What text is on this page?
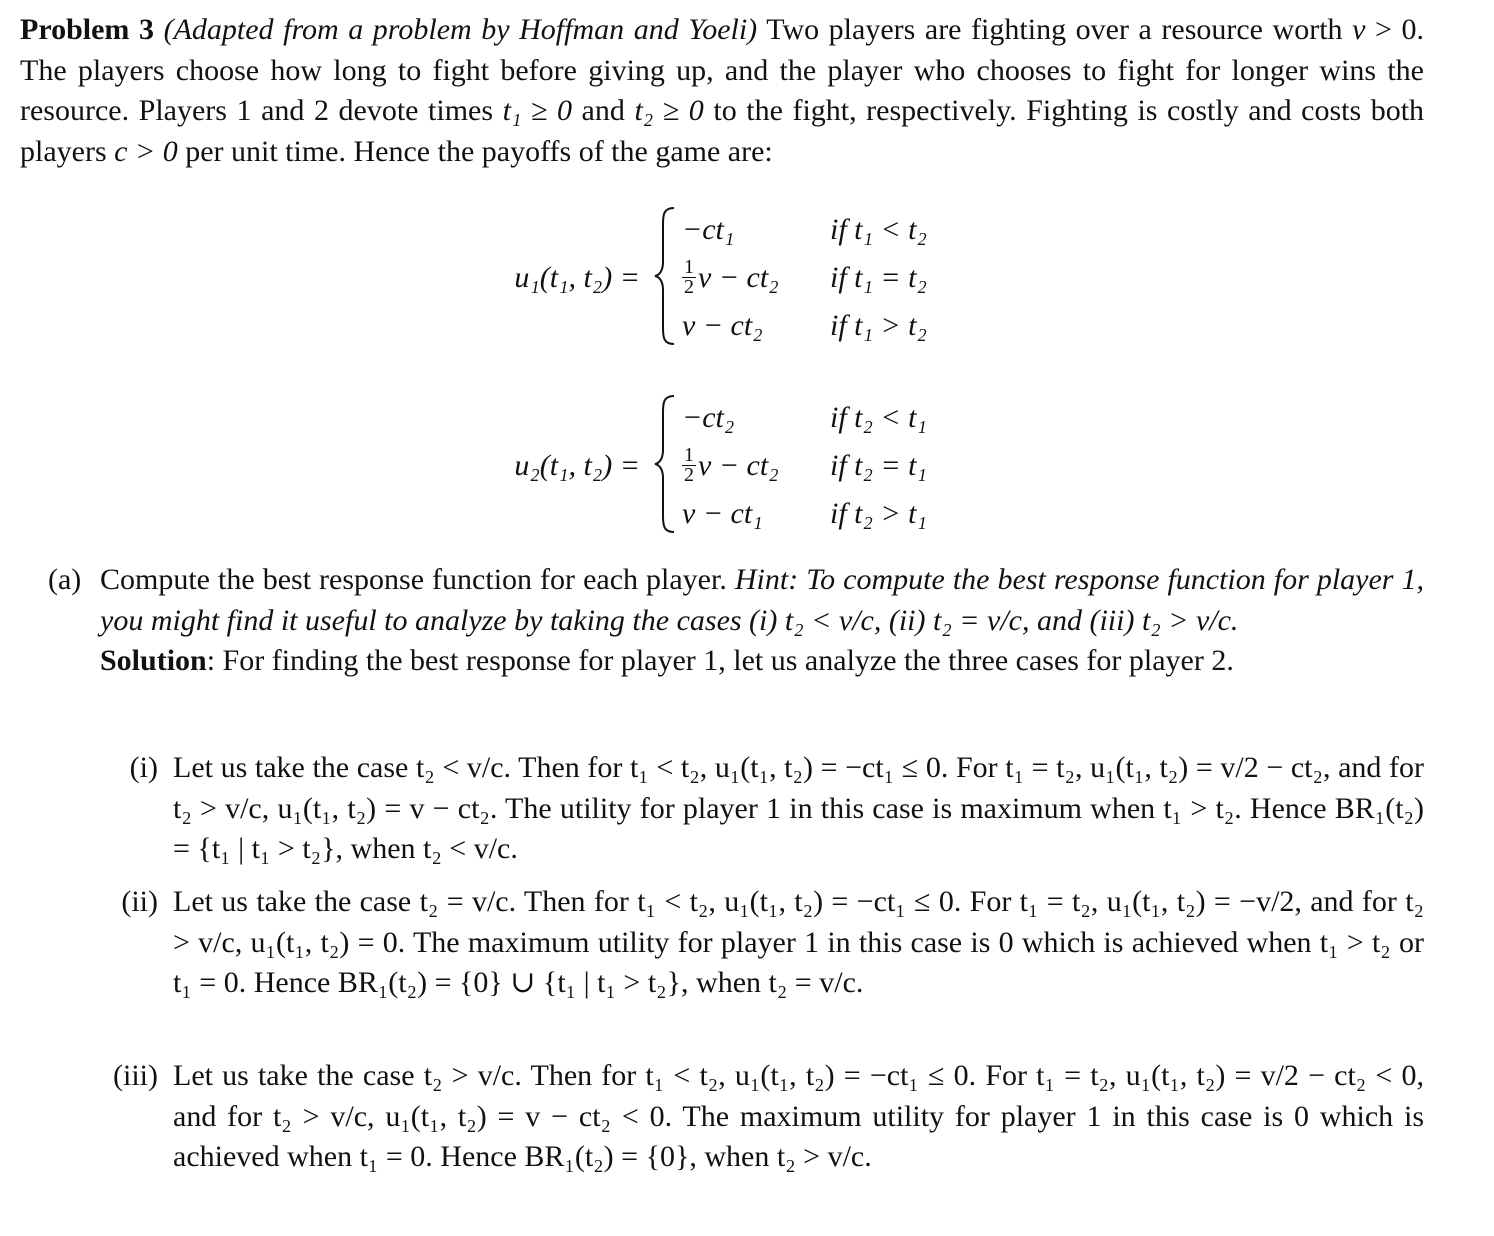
Problem 3 (Adapted from a problem by Hoffman and Yoeli) Two players are fighting over a resource worth v > 0. The players choose how long to fight before giving up, and the player who chooses to fight for longer wins the resource. Players 1 and 2 devote times t₁ ≥ 0 and t₂ ≥ 0 to the fight, respectively. Fighting is costly and costs both players c > 0 per unit time. Hence the payoffs of the game are:

u₁(t₁, t₂) =
−ct₁	if t₁ < t₂
$\frac{1}{2}$ v − ct₂ if t₁ = t₂
v − ct₂ if t₁ > t₂
u₂(t₁, t₂) =
−ct₂	if t₂ < t₁
$\frac{1}{2}$ v − ct₂ if t₂ = t₁
v − ct₁ if t₂ > t₁
(a) Compute the best response function for each player. Hint: To compute the best response function for player 1, you might find it useful to analyze by taking the cases (i) t₂ < v/c, (ii) t₂ = v/c, and (iii) t₂ > v/c.

Solution: For finding the best response for player 1, let us analyze the three cases for player 2.

(i) Let us take the case t₂ < v/c. Then for t₁ < t₂, u₁(t₁, t₂) = −ct₁ ≤ 0. For t₁ = t₂, u₁(t₁, t₂) = v/2 − ct₂, and for t₂ > v/c, u₁(t₁, t₂) = v − ct₂. The utility for player 1 in this case is maximum when t₁ > t₂. Hence BR₁(t₂) = {t₁ | t₁ > t₂}, when t₂ < v/c.

(ii) Let us take the case t₂ = v/c. Then for t₁ < t₂, u₁(t₁, t₂) = −ct₁ ≤ 0. For t₁ = t₂, u₁(t₁, t₂) = −v/2, and for t₂ > v/c, u₁(t₁, t₂) = 0. The maximum utility for player 1 in this case is 0 which is achieved when t₁ > t₂ or t₁ = 0. Hence BR₁(t₂) = {0} ∪ {t₁ | t₁ > t₂}, when t₂ = v/c.

(iii) Let us take the case t₂ > v/c. Then for t₁ < t₂, u₁(t₁, t₂) = −ct₁ ≤ 0. For t₁ = t₂, u₁(t₁, t₂) = v/2 − ct₂ < 0, and for t₂ > v/c, u₁(t₁, t₂) = v − ct₂ < 0. The maximum utility for player 1 in this case is 0 which is achieved when t₁ = 0. Hence BR₁(t₂) = {0}, when t₂ > v/c.
